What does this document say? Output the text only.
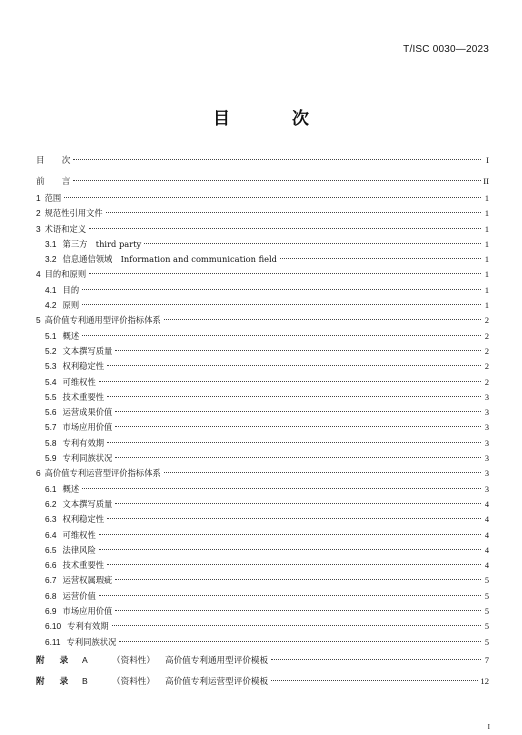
T/ISC 0030—2023
目 次
目　　次	I
前　　言	II
1 范围	1
2 规范性引用文件	1
3 术语和定义	1
3.1 第三方　third party	1
3.2 信息通信领域　Information and communication field	1
4 目的和原则	1
4.1 目的	1
4.2 原则	1
5 高价值专利通用型评价指标体系	2
5.1 概述	2
5.2 文本撰写质量	2
5.3 权利稳定性	2
5.4 可维权性	2
5.5 技术重要性	3
5.6 运营成果价值	3
5.7 市场应用价值	3
5.8 专利有效期	3
5.9 专利同族状况	3
6 高价值专利运营型评价指标体系	3
6.1 概述	3
6.2 文本撰写质量	4
6.3 权利稳定性	4
6.4 可维权性	4
6.5 法律风险	4
6.6 技术重要性	4
6.7 运营权属瑕疵	5
6.8 运营价值	5
6.9 市场应用价值	5
6.10 专利有效期	5
6.11 专利同族状况	5
附 录 A	（资料性） 高价值专利通用型评价模板	7
附 录 B	（资料性） 高价值专利运营型评价模板	12
I
